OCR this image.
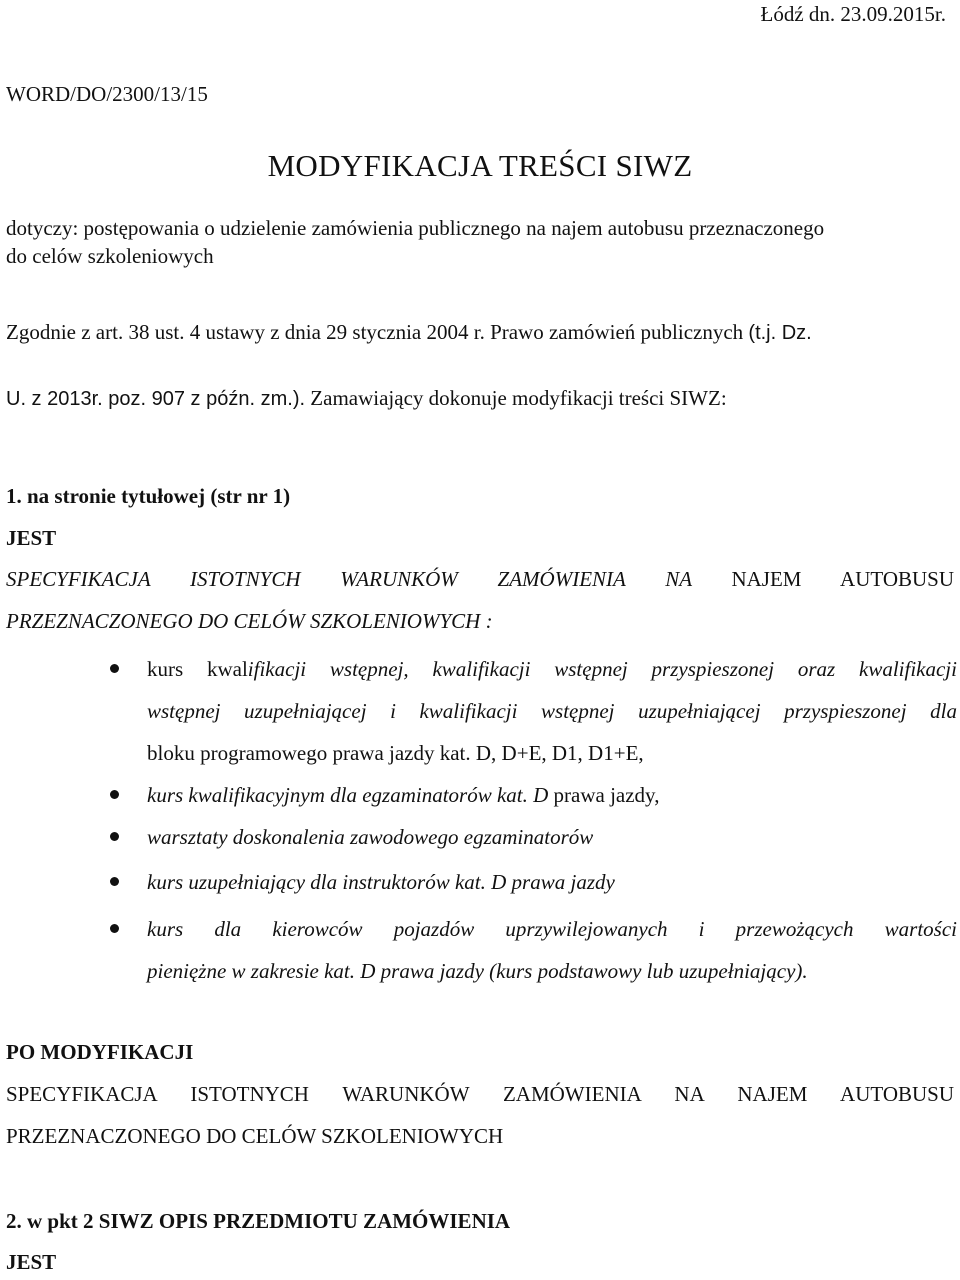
Łódź dn. 23.09.2015r.
WORD/DO/2300/13/15
MODYFIKACJA TREŚCI SIWZ
dotyczy: postępowania o udzielenie zamówienia publicznego na najem autobusu przeznaczonego
do celów szkoleniowych
Zgodnie z art. 38 ust. 4 ustawy z dnia 29 stycznia 2004 r. Prawo zamówień publicznych (t.j. Dz.
U. z 2013r. poz. 907 z późn. zm.). Zamawiający dokonuje modyfikacji treści SIWZ:
1. na stronie tytułowej (str nr 1)
JEST
SPECYFIKACJA ISTOTNYCH WARUNKÓW ZAMÓWIENIA NA NAJEM AUTOBUSU
PRZEZNACZONEGO DO CELÓW SZKOLENIOWYCH :
kurs kwalifikacji wstępnej, kwalifikacji wstępnej przyspieszonej oraz kwalifikacji
wstępnej uzupełniającej i kwalifikacji wstępnej uzupełniającej przyspieszonej dla
bloku programowego prawa jazdy kat. D, D+E, D1, D1+E,
kurs kwalifikacyjnym dla egzaminatorów kat. D prawa jazdy,
warsztaty doskonalenia zawodowego egzaminatorów
kurs uzupełniający dla instruktorów kat. D prawa jazdy
kurs dla kierowców pojazdów uprzywilejowanych i przewożących wartości
pieniężne w zakresie kat. D prawa jazdy (kurs podstawowy lub uzupełniający).
PO MODYFIKACJI
SPECYFIKACJA ISTOTNYCH WARUNKÓW ZAMÓWIENIA NA NAJEM AUTOBUSU
PRZEZNACZONEGO DO CELÓW SZKOLENIOWYCH
2. w pkt 2 SIWZ OPIS PRZEDMIOTU ZAMÓWIENIA
JEST
